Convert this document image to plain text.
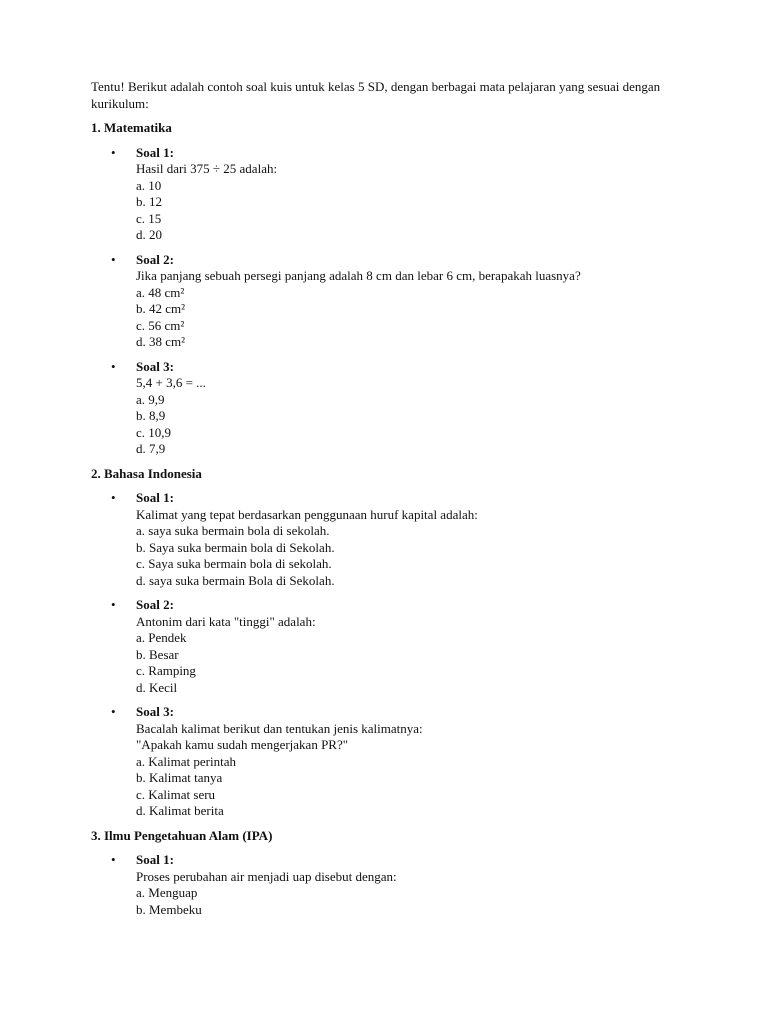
Tentu! Berikut adalah contoh soal kuis untuk kelas 5 SD, dengan berbagai mata pelajaran yang sesuai dengan kurikulum:

1. Matematika
• Soal 1:
Hasil dari 375 ÷ 25 adalah:
a. 10
b. 12
c. 15
d. 20
• Soal 2:
Jika panjang sebuah persegi panjang adalah 8 cm dan lebar 6 cm, berapakah luasnya?
a. 48 cm²
b. 42 cm²
c. 56 cm²
d. 38 cm²
• Soal 3:
5,4 + 3,6 = ...
a. 9,9
b. 8,9
c. 10,9
d. 7,9
2. Bahasa Indonesia
• Soal 1:
Kalimat yang tepat berdasarkan penggunaan huruf kapital adalah:
a. saya suka bermain bola di sekolah.
b. Saya suka bermain bola di Sekolah.
c. Saya suka bermain bola di sekolah.
d. saya suka bermain Bola di Sekolah.
• Soal 2:
Antonim dari kata "tinggi" adalah:
a. Pendek
b. Besar
c. Ramping
d. Kecil
• Soal 3:
Bacalah kalimat berikut dan tentukan jenis kalimatnya:
"Apakah kamu sudah mengerjakan PR?"
a. Kalimat perintah
b. Kalimat tanya
c. Kalimat seru
d. Kalimat berita
3. Ilmu Pengetahuan Alam (IPA)
• Soal 1:
Proses perubahan air menjadi uap disebut dengan:
a. Menguap
b. Membeku
